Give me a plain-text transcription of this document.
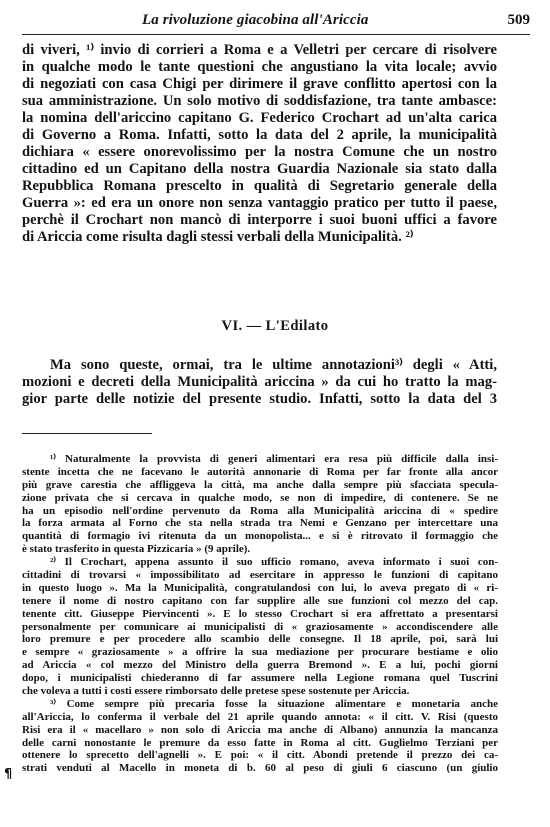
La rivoluzione giacobina all'Ariccia	509
di viveri, ¹⁾ invio di corrieri a Roma e a Velletri per cercare di risolvere
in qualche modo le tante questioni che angustiano la vita locale; avvio
di negoziati con casa Chigi per dirimere il grave conflitto apertosi con la
sua amministrazione. Un solo motivo di soddisfazione, tra tante ambasce:
la nomina dell'ariccino capitano G. Federico Crochart ad un'alta carica
di Governo a Roma. Infatti, sotto la data del 2 aprile, la municipalità
dichiara « essere onorevolissimo per la nostra Comune che un nostro
cittadino ed un Capitano della nostra Guardia Nazionale sia stato dalla
Repubblica Romana prescelto in qualità di Segretario generale della
Guerra »: ed era un onore non senza vantaggio pratico per tutto il paese,
perchè il Crochart non mancò di interporre i suoi buoni uffici a favore
di Ariccia come risulta dagli stessi verbali della Municipalità. ²⁾
VI. — L'Edilato
Ma sono queste, ormai, tra le ultime annotazioni³⁾ degli « Atti,
mozioni e decreti della Municipalità ariccina » da cui ho tratto la mag-
gior parte delle notizie del presente studio. Infatti, sotto la data del 3
¹⁾ Naturalmente la provvista di generi alimentari era resa più difficile dalla insi-
stente incetta che ne facevano le autorità annonarie di Roma per far fronte alla ancor
più grave carestia che affliggeva la città, ma anche dalla sempre più sfacciata specula-
zione privata che si cercava in qualche modo, se non di impedire, di contenere. Se ne
ha un episodio nell'ordine pervenuto da Roma alla Municipalità ariccina di « spedire
la forza armata al Forno che sta nella strada tra Nemi e Genzano per intercettare una
quantità di formagio ivi ritenuta da un monopolista... e si è ritrovato il formaggio che
è stato trasferito in questa Pizzicaria » (9 aprile).
²⁾ Il Crochart, appena assunto il suo ufficio romano, aveva informato i suoi con-
cittadini di trovarsi « impossibilitato ad esercitare in appresso le funzioni di capitano
in questo luogo ». Ma la Municipalità, congratulandosi con lui, lo aveva pregato di « ri-
tenere il nome di nostro capitano con far supplire alle sue funzioni col mezzo del cap.
tenente citt. Giuseppe Piervincenti ». E lo stesso Crochart si era affrettato a presentarsi
personalmente per comunicare ai municipalisti di « graziosamente » accondiscendere alle
loro premure e per procedere allo scambio delle consegne. Il 18 aprile, poi, sarà lui
e sempre « graziosamente » a offrire la sua mediazione per procurare bestiame e olio
ad Ariccia « col mezzo del Ministro della guerra Bremond ». E a lui, pochi giorni
dopo, i municipalisti chiederanno di far assumere nella Legione romana quel Tuscrini
che voleva a tutti i costi essere rimborsato delle pretese spese sostenute per Ariccia.
³⁾ Come sempre più precaria fosse la situazione alimentare e monetaria anche
all'Ariccia, lo conferma il verbale del 21 aprile quando annota: « il citt. V. Risi (questo
Risi era il « macellaro » non solo di Ariccia ma anche di Albano) annunzia la mancanza
delle carni nonostante le premure da esso fatte in Roma al citt. Guglielmo Terziani per
ottenere lo sprecetto dell'agnelli ». E poi: « il citt. Abondi pretende il prezzo dei ca-
strati venduti al Macello in moneta di b. 60 al peso di giuli 6 ciascuno (un giulio
¶
